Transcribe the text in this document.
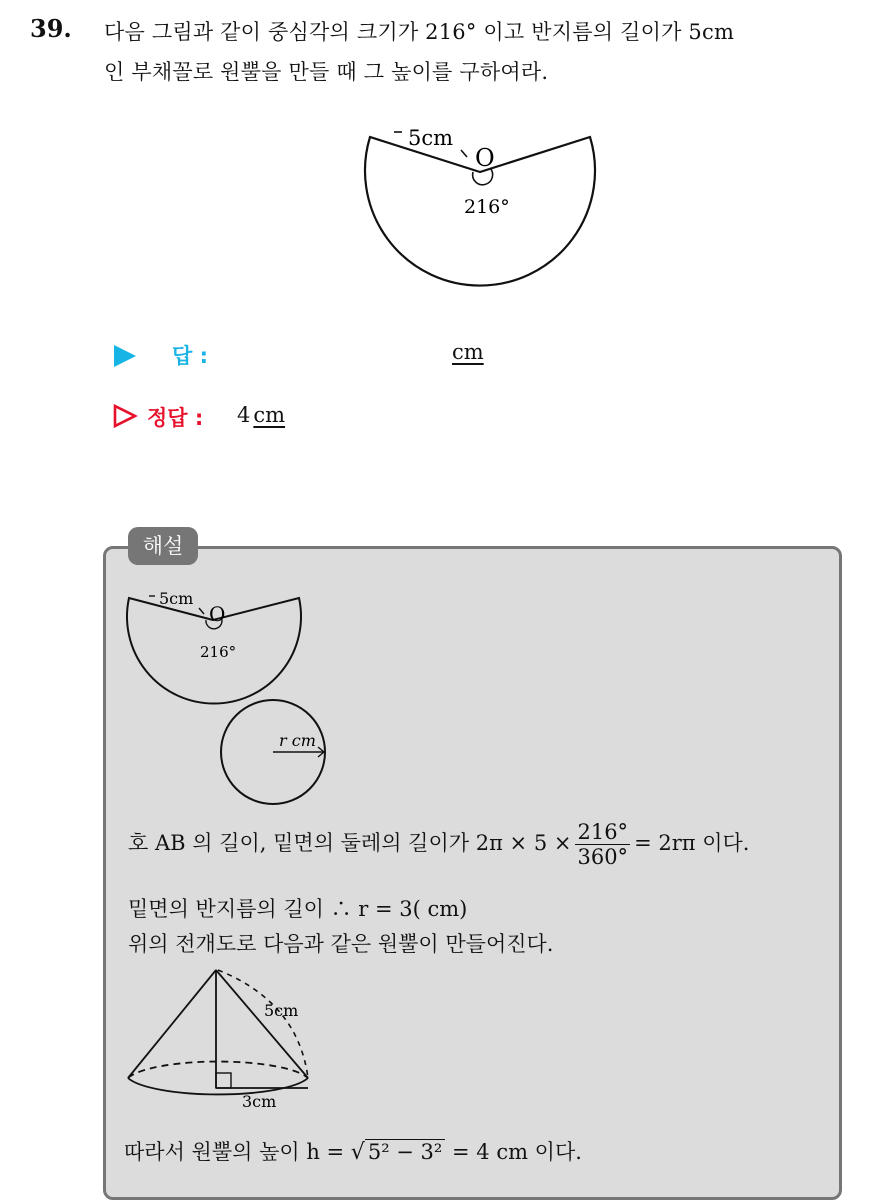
39. 다음 그림과 같이 중심각의 크기가 216° 이고 반지름의 길이가 5cm
인 부채꼴로 원뿔을 만들 때 그 높이를 구하여라.
5cm
O
216°
답 :	cm
정답 : 4 cm
해설
5cm
O
216°
r cm
호 AB 의 길이, 밑면의 둘레의 길이가 $2\pi \times 5 \times \frac{216^\circ}{360^\circ} = 2r\pi$ 이다.
밑면의 반지름의 길이 ∴ r = 3( cm)
위의 전개도로 다음과 같은 원뿔이 만들어진다.
5cm
3cm
따라서 원뿔의 높이 h = √ 5² − 3² = 4 cm 이다.
